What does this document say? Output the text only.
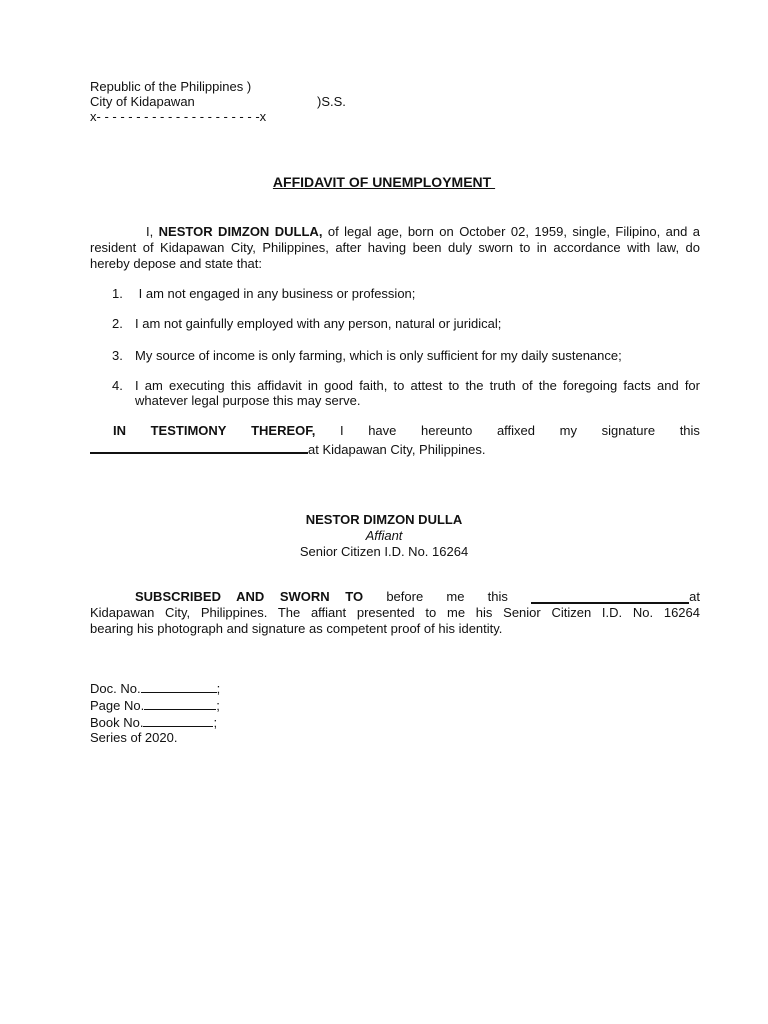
Republic of the Philippines )
City of Kidapawan	)S.S.
x- - - - - - - - - - - - - - - - - - - - -x
AFFIDAVIT OF UNEMPLOYMENT

I, NESTOR DIMZON DULLA, of legal age, born on October 02, 1959, single, Filipino, and a resident of Kidapawan City, Philippines, after having been duly sworn to in accordance with law, do hereby depose and state that:

1. I am not engaged in any business or profession;
2. I am not gainfully employed with any person, natural or juridical;
3. My source of income is only farming, which is only sufficient for my daily sustenance;
4. I am executing this affidavit in good faith, to attest to the truth of the foregoing facts and for whatever legal purpose this may serve.
IN TESTIMONY THEREOF, I have hereunto affixed my signature this
at Kidapawan City, Philippines.
NESTOR DIMZON DULLA
Affiant
Senior Citizen I.D. No. 16264
SUBSCRIBED AND SWORN TO before me this	at
Kidapawan City, Philippines. The affiant presented to me his Senior Citizen I.D. No. 16264
bearing his photograph and signature as competent proof of his identity.
Doc. No.	;
Page No.	;
Book No.	;
Series of 2020.
